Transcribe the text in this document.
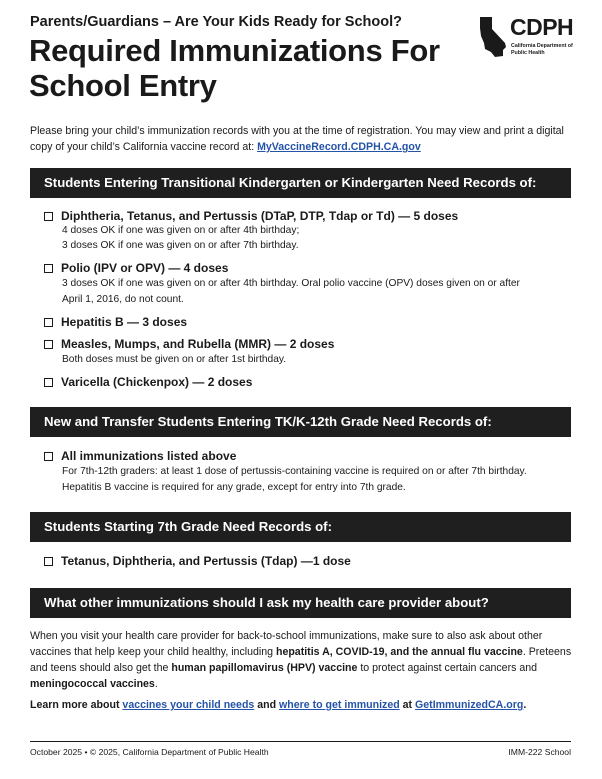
Parents/Guardians – Are Your Kids Ready for School?
Required Immunizations For
School Entry
CDPH
California Department of
Public Health
Please bring your child’s immunization records with you at the time of registration. You may view and print a digital copy of your child’s California vaccine record at: MyVaccineRecord.CDPH.CA.gov
Students Entering Transitional Kindergarten or Kindergarten Need Records of:
Diphtheria, Tetanus, and Pertussis (DTaP, DTP, Tdap or Td) — 5 doses
4 doses OK if one was given on or after 4th birthday;
3 doses OK if one was given on or after 7th birthday.
Polio (IPV or OPV) — 4 doses
3 doses OK if one was given on or after 4th birthday. Oral polio vaccine (OPV) doses given on or after
April 1, 2016, do not count.
Hepatitis B — 3 doses
Measles, Mumps, and Rubella (MMR) — 2 doses
Both doses must be given on or after 1st birthday.
Varicella (Chickenpox) — 2 doses
New and Transfer Students Entering TK/K-12th Grade Need Records of:
All immunizations listed above
For 7th-12th graders: at least 1 dose of pertussis-containing vaccine is required on or after 7th birthday.
Hepatitis B vaccine is required for any grade, except for entry into 7th grade.
Students Starting 7th Grade Need Records of:
Tetanus, Diphtheria, and Pertussis (Tdap) —1 dose
What other immunizations should I ask my health care provider about?
When you visit your health care provider for back-to-school immunizations, make sure to also ask about other vaccines that help keep your child healthy, including hepatitis A, COVID-19, and the annual flu vaccine. Preteens and teens should also get the human papillomavirus (HPV) vaccine to protect against certain cancers and meningococcal vaccines.
Learn more about vaccines your child needs and where to get immunized at GetImmunizedCA.org.
October 2025 • © 2025, California Department of Public Health	IMM-222 School
